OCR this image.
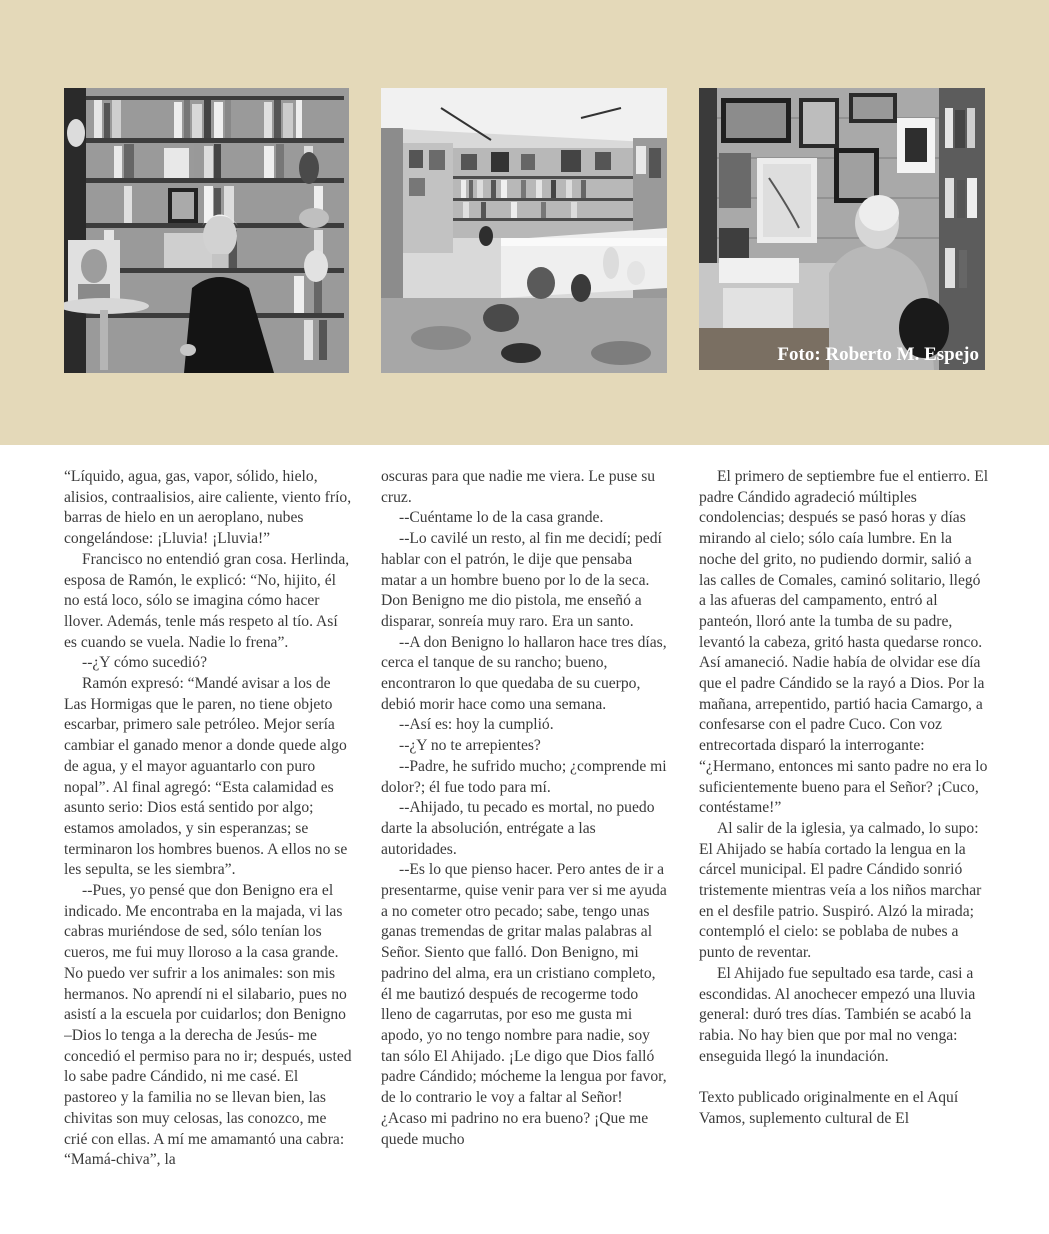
Foto: Roberto M. Espejo

“Líquido, agua, gas, vapor, sólido, hielo, alisios, contraalisios, aire caliente, viento frío, barras de hielo en un aeroplano, nubes congelándose: ¡Lluvia! ¡Lluvia!”

Francisco no entendió gran cosa. Herlinda, esposa de Ramón, le explicó: “No, hijito, él no está loco, sólo se imagina cómo hacer llover. Además, tenle más respeto al tío. Así es cuando se vuela. Nadie lo frena”.

--¿Y cómo sucedió?

Ramón expresó: “Mandé avisar a los de Las Hormigas que le paren, no tiene objeto escarbar, primero sale petróleo. Mejor sería cambiar el ganado menor a donde quede algo de agua, y el mayor aguantarlo con puro nopal”. Al final agregó: “Esta calamidad es asunto serio: Dios está sentido por algo; estamos amolados, y sin esperanzas; se terminaron los hombres buenos. A ellos no se les sepulta, se les siembra”.

--Pues, yo pensé que don Benigno era el indicado. Me encontraba en la majada, vi las cabras muriéndose de sed, sólo tenían los cueros, me fui muy lloroso a la casa grande. No puedo ver sufrir a los animales: son mis hermanos. No aprendí ni el silabario, pues no asistí a la escuela por cuidarlos; don Benigno –Dios lo tenga a la derecha de Jesús- me concedió el permiso para no ir; después, usted lo sabe padre Cándido, ni me casé. El pastoreo y la familia no se llevan bien, las chivitas son muy celosas, las conozco, me crié con ellas. A mí me amamantó una cabra: “Mamá-chiva”, la

oscuras para que nadie me viera. Le puse su cruz.

--Cuéntame lo de la casa grande.

--Lo cavilé un resto, al fin me decidí; pedí hablar con el patrón, le dije que pensaba matar a un hombre bueno por lo de la seca. Don Benigno me dio pistola, me enseñó a disparar, sonreía muy raro. Era un santo.

--A don Benigno lo hallaron hace tres días, cerca el tanque de su rancho; bueno, encontraron lo que quedaba de su cuerpo, debió morir hace como una semana.

--Así es: hoy la cumplió.

--¿Y no te arrepientes?

--Padre, he sufrido mucho; ¿comprende mi dolor?; él fue todo para mí.

--Ahijado, tu pecado es mortal, no puedo darte la absolución, entrégate a las autoridades.

--Es lo que pienso hacer. Pero antes de ir a presentarme, quise venir para ver si me ayuda a no cometer otro pecado; sabe, tengo unas ganas tremendas de gritar malas palabras al Señor. Siento que falló. Don Benigno, mi padrino del alma, era un cristiano completo, él me bautizó después de recogerme todo lleno de cagarrutas, por eso me gusta mi apodo, yo no tengo nombre para nadie, soy tan sólo El Ahijado. ¡Le digo que Dios falló padre Cándido; mócheme la lengua por favor, de lo contrario le voy a faltar al Señor! ¿Acaso mi padrino no era bueno? ¡Que me quede mucho

El primero de septiembre fue el entierro. El padre Cándido agradeció múltiples condolencias; después se pasó horas y días mirando al cielo; sólo caía lumbre. En la noche del grito, no pudiendo dormir, salió a las calles de Comales, caminó solitario, llegó a las afueras del campamento, entró al panteón, lloró ante la tumba de su padre, levantó la cabeza, gritó hasta quedarse ronco. Así amaneció. Nadie había de olvidar ese día que el padre Cándido se la rayó a Dios. Por la mañana, arrepentido, partió hacia Camargo, a confesarse con el padre Cuco. Con voz entrecortada disparó la interrogante: “¿Hermano, entonces mi santo padre no era lo suficientemente bueno para el Señor? ¡Cuco, contéstame!”

Al salir de la iglesia, ya calmado, lo supo: El Ahijado se había cortado la lengua en la cárcel municipal. El padre Cándido sonrió tristemente mientras veía a los niños marchar en el desfile patrio. Suspiró. Alzó la mirada; contempló el cielo: se poblaba de nubes a punto de reventar.

El Ahijado fue sepultado esa tarde, casi a escondidas. Al anochecer empezó una lluvia general: duró tres días. También se acabó la rabia. No hay bien que por mal no venga: enseguida llegó la inundación.

Texto publicado originalmente en el Aquí Vamos, suplemento cultural de El
